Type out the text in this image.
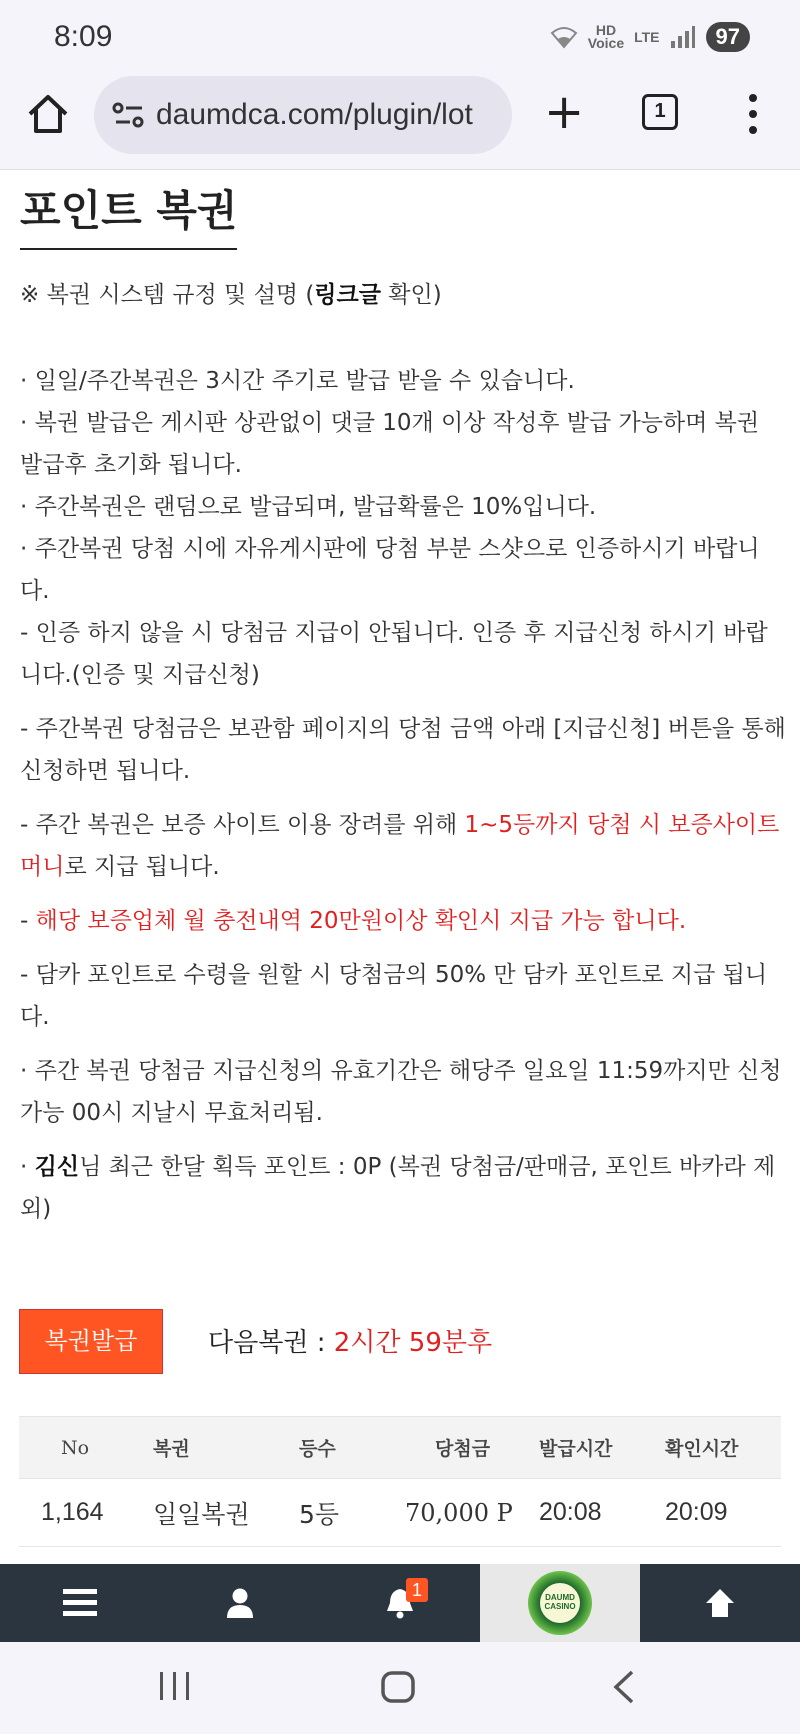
8:09	HD
Voice LTE	97
daumdca.com/plugin/lot	+	1
포인트 복권
※ 복권 시스템 규정 및 설명 (링크글 확인)

· 일일/주간복권은 3시간 주기로 발급 받을 수 있습니다.

· 복권 발급은 게시판 상관없이 댓글 10개 이상 작성후 발급 가능하며 복권 발급후 초기화 됩니다.

· 주간복권은 랜덤으로 발급되며, 발급확률은 10%입니다.

· 주간복권 당첨 시에 자유게시판에 당첨 부분 스샷으로 인증하시기 바랍니다.

- 인증 하지 않을 시 당첨금 지급이 안됩니다. 인증 후 지급신청 하시기 바랍니다.(인증 및 지급신청)

- 주간복권 당첨금은 보관함 페이지의 당첨 금액 아래 [지급신청] 버튼을 통해 신청하면 됩니다.

- 주간 복권은 보증 사이트 이용 장려를 위해 1~5등까지 당첨 시 보증사이트 머니로 지급 됩니다.

- 해당 보증업체 월 충전내역 20만원이상 확인시 지급 가능 합니다.

- 담카 포인트로 수령을 원할 시 당첨금의 50% 만 담카 포인트로 지급 됩니다.

· 주간 복권 당첨금 지급신청의 유효기간은 해당주 일요일 11:59까지만 신청가능 00시 지날시 무효처리됨.

· 김신님 최근 한달 획득 포인트 : 0P (복권 당첨금/판매금, 포인트 바카라 제외)

복권발급	다음복권 : 2시간 59분후
No	복권	등수	당첨금	발급시간	확인시간
1,164	일일복권	5등	70,000 P	20:08	20:09
1	DAUMD CASINO
